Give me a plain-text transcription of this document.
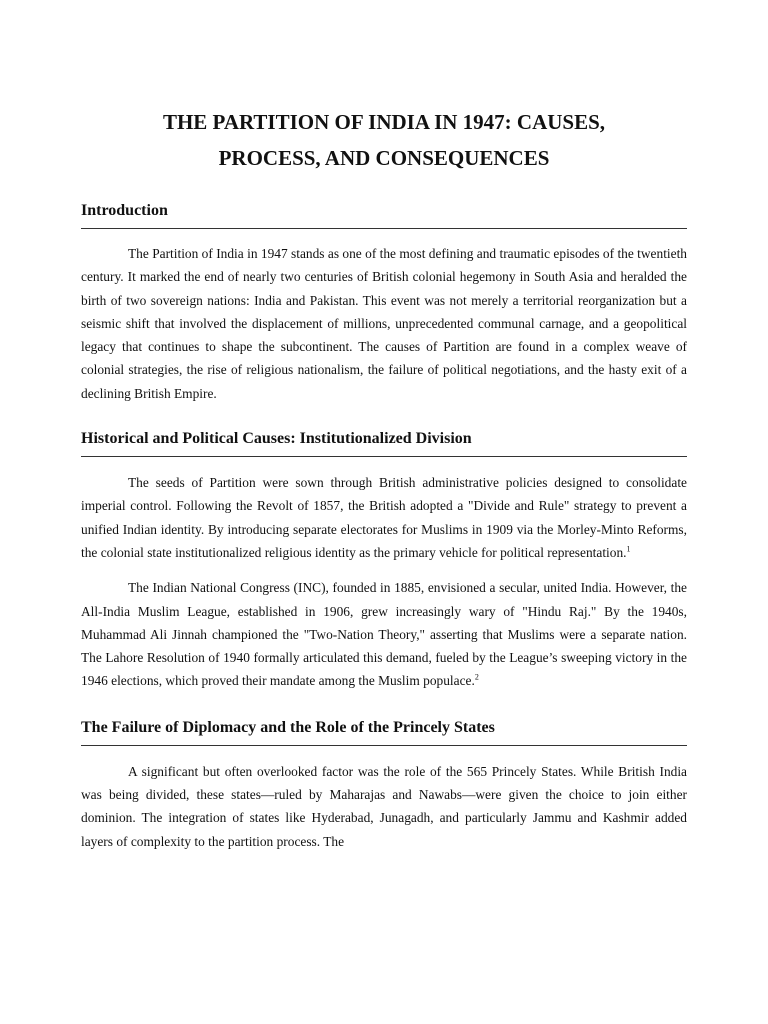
THE PARTITION OF INDIA IN 1947: CAUSES,
PROCESS, AND CONSEQUENCES
Introduction

The Partition of India in 1947 stands as one of the most defining and traumatic episodes of the twentieth century. It marked the end of nearly two centuries of British colonial hegemony in South Asia and heralded the birth of two sovereign nations: India and Pakistan. This event was not merely a territorial reorganization but a seismic shift that involved the displacement of millions, unprecedented communal carnage, and a geopolitical legacy that continues to shape the subcontinent. The causes of Partition are found in a complex weave of colonial strategies, the rise of religious nationalism, the failure of political negotiations, and the hasty exit of a declining British Empire.

Historical and Political Causes: Institutionalized Division

The seeds of Partition were sown through British administrative policies designed to consolidate imperial control. Following the Revolt of 1857, the British adopted a "Divide and Rule" strategy to prevent a unified Indian identity. By introducing separate electorates for Muslims in 1909 via the Morley-Minto Reforms, the colonial state institutionalized religious identity as the primary vehicle for political representation.$^1$

The Indian National Congress (INC), founded in 1885, envisioned a secular, united India. However, the All-India Muslim League, established in 1906, grew increasingly wary of "Hindu Raj." By the 1940s, Muhammad Ali Jinnah championed the "Two-Nation Theory," asserting that Muslims were a separate nation. The Lahore Resolution of 1940 formally articulated this demand, fueled by the League’s sweeping victory in the 1946 elections, which proved their mandate among the Muslim populace.$^2$

The Failure of Diplomacy and the Role of the Princely States

A significant but often overlooked factor was the role of the 565 Princely States. While British India was being divided, these states—ruled by Maharajas and Nawabs—were given the choice to join either dominion. The integration of states like Hyderabad, Junagadh, and particularly Jammu and Kashmir added layers of complexity to the partition process. The
